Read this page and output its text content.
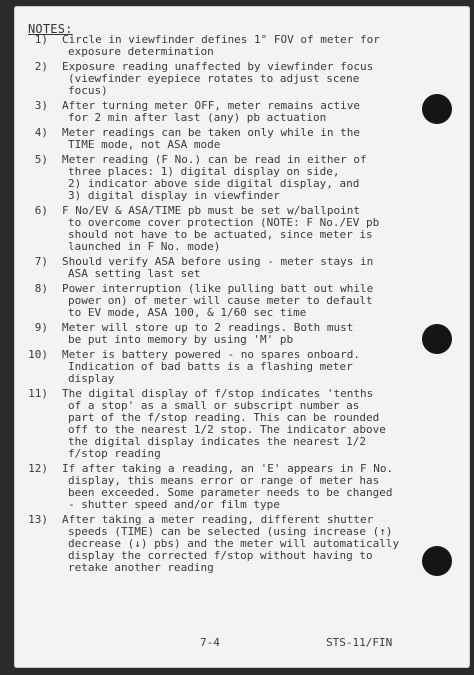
NOTES:
1)	Circle in viewfinder defines 1° FOV of meter for
exposure determination
2)	Exposure reading unaffected by viewfinder focus
(viewfinder eyepiece rotates to adjust scene
focus)
3)	After turning meter OFF, meter remains active
for 2 min after last (any) pb actuation
4)	Meter readings can be taken only while in the
TIME mode, not ASA mode
5)	Meter reading (F No.) can be read in either of
three places: 1) digital display on side,
2) indicator above side digital display, and
3) digital display in viewfinder
6)	F No/EV & ASA/TIME pb must be set w/ballpoint
to overcome cover protection (NOTE: F No./EV pb
should not have to be actuated, since meter is
launched in F No. mode)
7)	Should verify ASA before using - meter stays in
ASA setting last set
8)	Power interruption (like pulling batt out while
power on) of meter will cause meter to default
to EV mode, ASA 100, & 1/60 sec time
9)	Meter will store up to 2 readings. Both must
be put into memory by using 'M' pb
10)	Meter is battery powered - no spares onboard.
Indication of bad batts is a flashing meter
display
11)	The digital display of f/stop indicates 'tenths
of a stop' as a small or subscript number as
part of the f/stop reading. This can be rounded
off to the nearest 1/2 stop. The indicator above
the digital display indicates the nearest 1/2
f/stop reading
12)	If after taking a reading, an 'E' appears in F No.
display, this means error or range of meter has
been exceeded. Some parameter needs to be changed
- shutter speed and/or film type
13)	After taking a meter reading, different shutter
speeds (TIME) can be selected (using increase (↑)
decrease (↓) pbs) and the meter will automatically
display the corrected f/stop without having to
retake another reading
7-4	STS-11/FIN
